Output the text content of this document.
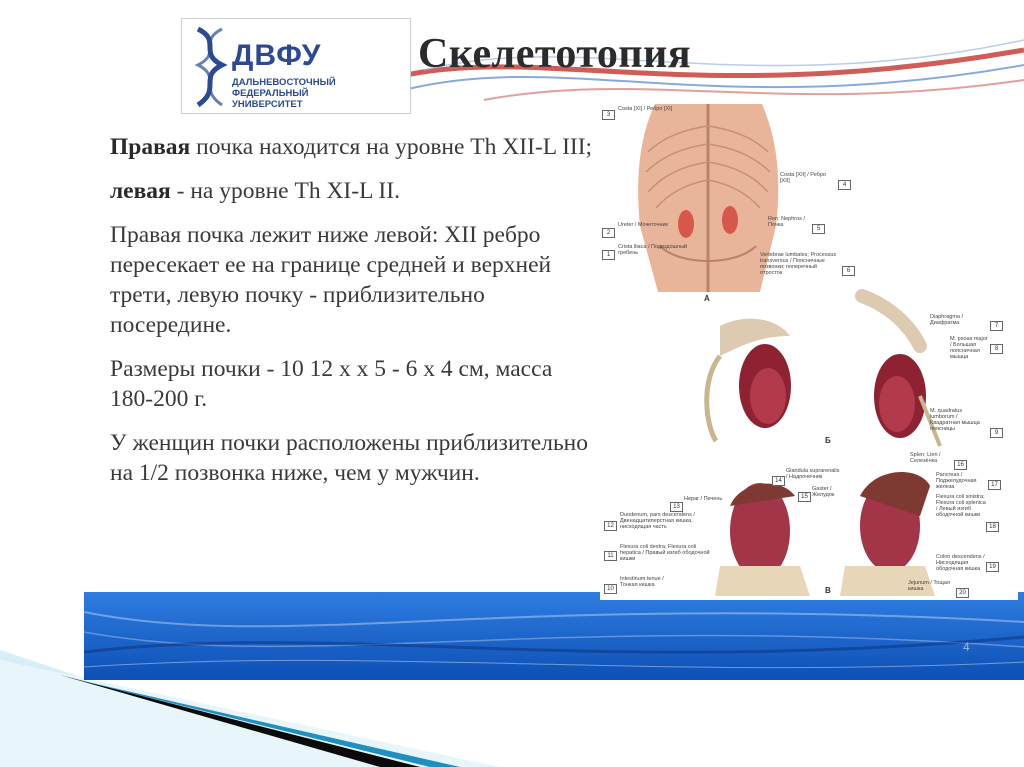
Правая почка находится на уровне Th XII-L III;

левая - на уровне Th XI-L II.

Правая почка лежит ниже левой: XII ребро пересекает ее на границе средней и верхней трети, левую почку - приблизительно посередине.

Размеры почки - 10 12 х х 5 - 6 х 4 см, масса 180-200 г.

У женщин почки расположены приблизительно на 1/2 позвонка ниже, чем у мужчин.

Скелетотопия
4
ДВФУ
ДАЛЬНЕВОСТОЧНЫЙ
ФЕДЕРАЛЬНЫЙ
УНИВЕРСИТЕТ
А
Б
В
3
Costa [XI] / Ребро [XI]
4
Costa [XII] / Ребро [XII]
2
Ureter / Мочеточник
5
Ren; Nephros / Почка
1
Crista iliaca / Подвздошный гребень
6
Vertebrae lumbales; Processus transversus / Поясничные позвонки; поперечный отросток
7
Diaphragma / Диафрагма
8
M. psoas major / Большая поясничная мышца
9
M. quadratus lumborum / Квадратная мышца поясницы
14
Glandula suprarenalis / Надпочечник
13
Hepar / Печень
12
Duodenum, pars descendens / Двенадцатиперстная кишка, нисходящая часть
11
Flexura coli dextra; Flexura coli hepatica / Правый изгиб ободочной кишки
10
Intestinum tenue / Тонкая кишка
15
Gaster / Желудок
16
Splen; Lien / Селезёнка
17
Pancreas / Поджелудочная железа
18
Flexura coli sinistra; Flexura coli splenica / Левый изгиб ободочной кишки
19
Colon descendens / Нисходящая ободочная кишка
20
Jejunum / Тощая кишка
